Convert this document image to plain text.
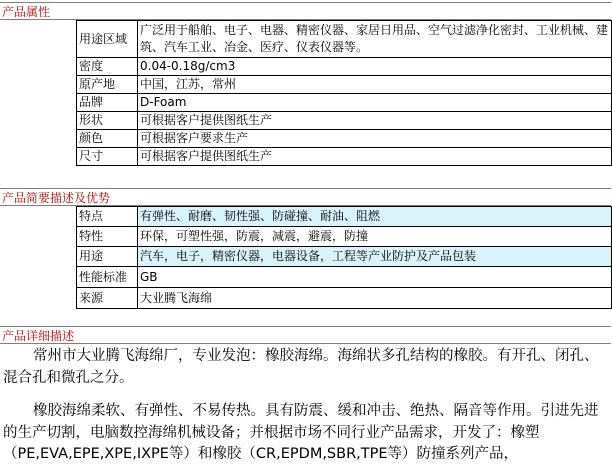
产品属性
用途区域	广泛用于船舶、电子、电器、精密仪器、家居日用品、空气过滤净化密封、工业机械、建筑、汽车工业、冶金、医疗、仪表仪器等。
密度	0.04-0.18g/cm3
原产地	中国，江苏，常州
品牌	D-Foam
形状	可根据客户提供图纸生产
颜色	可根据客户要求生产
尺寸	可根据客户提供图纸生产
产品简要描述及优势
特点	有弹性、耐磨、韧性强、防碰撞、耐油、阻燃
特性	环保，可塑性强，防震，减震，避震，防撞
用途	汽车，电子，精密仪器，电器设备，工程等产业防护及产品包装
性能标准	GB
来源	大业腾飞海绵
产品详细描述

常州市大业腾飞海绵厂，专业发泡：橡胶海绵。海绵状多孔结构的橡胶。有开孔、闭孔、混合孔和微孔之分。

橡胶海绵柔软、有弹性、不易传热。具有防震、缓和冲击、绝热、隔音等作用。引进先进的生产切割，电脑数控海绵机械设备；并根据市场不同行业产品需求，开发了：橡塑（PE,EVA,EPE,XPE,IXPE等）和橡胶（CR,EPDM,SBR,TPE等）防撞系列产品，
